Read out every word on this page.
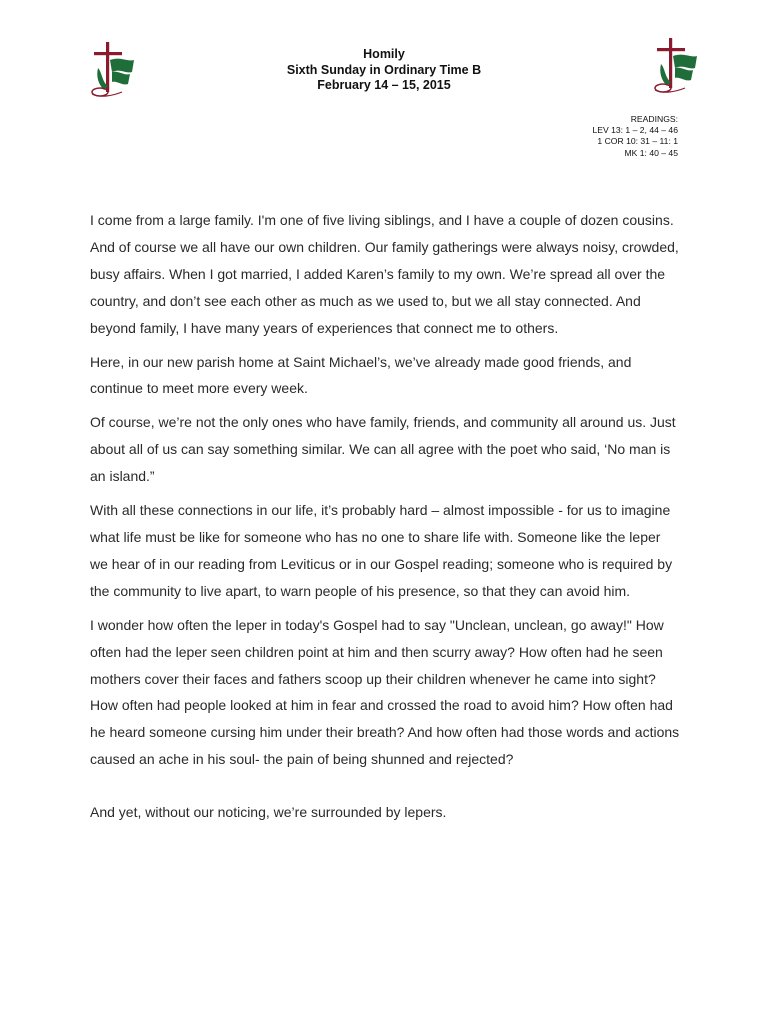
Homily
Sixth Sunday in Ordinary Time B
February 14 – 15, 2015
READINGS:
LEV 13: 1 – 2, 44 – 46
1 COR 10: 31 – 11: 1
MK 1: 40 – 45

I come from a large family. I'm one of five living siblings, and I have a couple of dozen cousins. And of course we all have our own children. Our family gatherings were always noisy, crowded, busy affairs. When I got married, I added Karen’s family to my own. We’re spread all over the country, and don’t see each other as much as we used to, but we all stay connected. And beyond family, I have many years of experiences that connect me to others.

Here, in our new parish home at Saint Michael’s, we’ve already made good friends, and continue to meet more every week.

Of course, we’re not the only ones who have family, friends, and community all around us. Just about all of us can say something similar. We can all agree with the poet who said, ‘No man is an island.”

With all these connections in our life, it’s probably hard – almost impossible - for us to imagine what life must be like for someone who has no one to share life with. Someone like the leper we hear of in our reading from Leviticus or in our Gospel reading; someone who is required by the community to live apart, to warn people of his presence, so that they can avoid him.

I wonder how often the leper in today's Gospel had to say "Unclean, unclean, go away!" How often had the leper seen children point at him and then scurry away? How often had he seen mothers cover their faces and fathers scoop up their children whenever he came into sight? How often had people looked at him in fear and crossed the road to avoid him? How often had he heard someone cursing him under their breath? And how often had those words and actions caused an ache in his soul- the pain of being shunned and rejected?

And yet, without our noticing, we’re surrounded by lepers.
